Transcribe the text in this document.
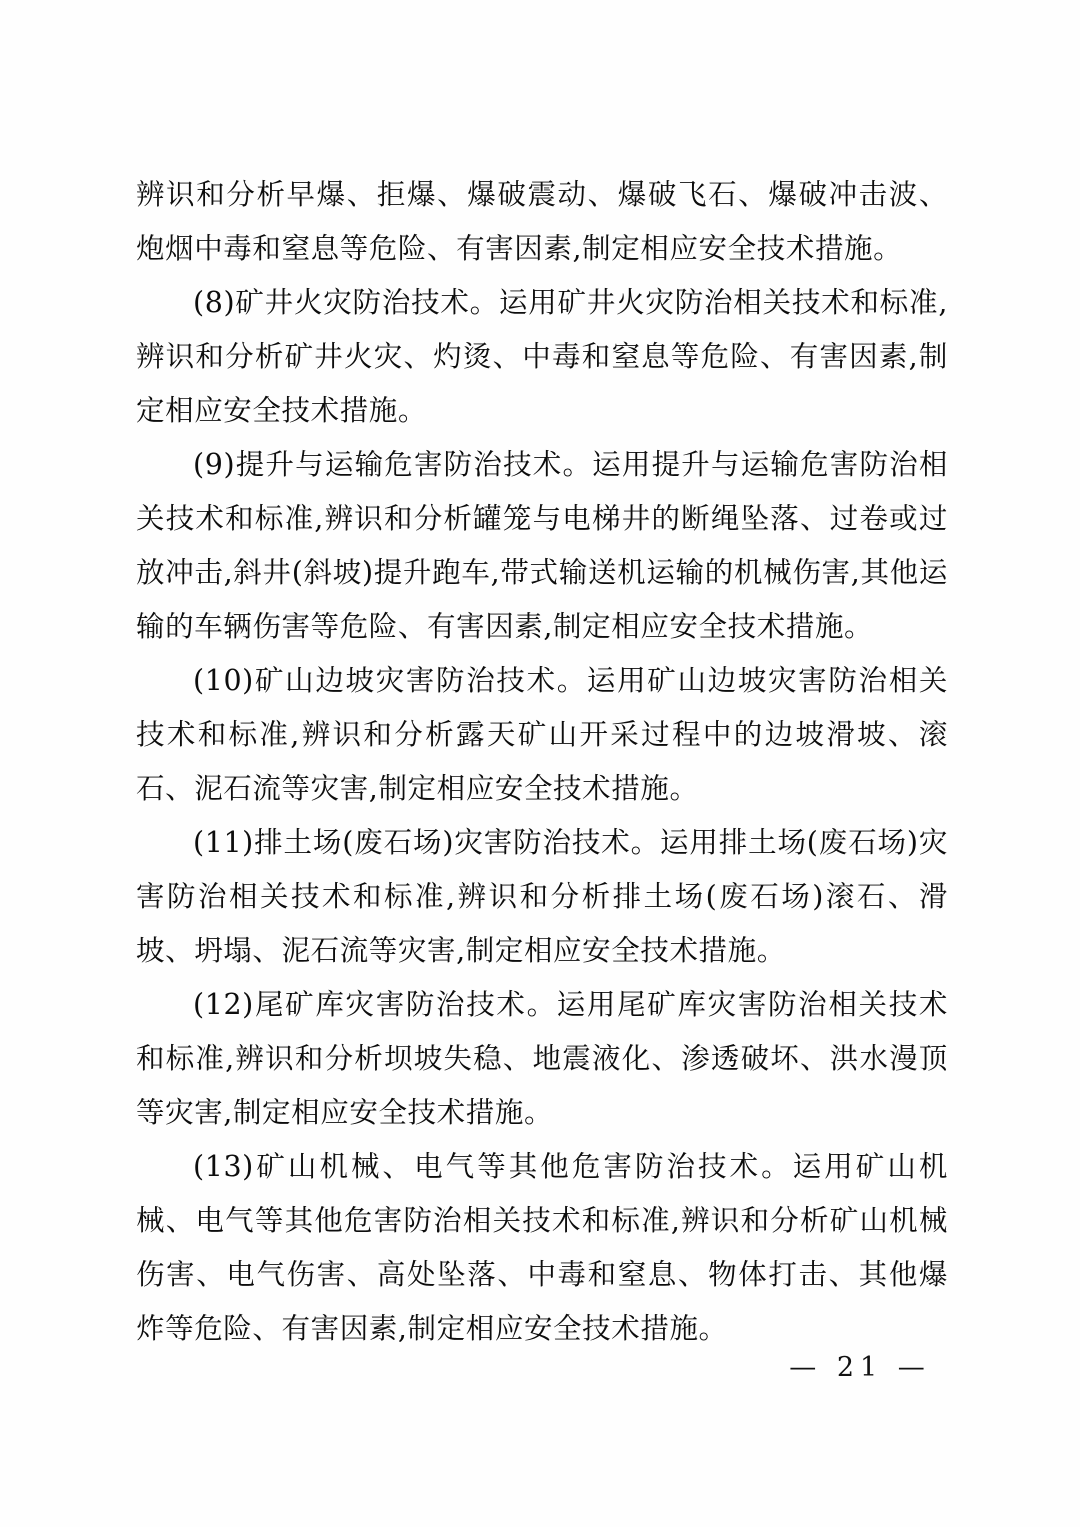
辨识和分析早爆、拒爆、爆破震动、爆破飞石、爆破冲击波、炮烟中毒和窒息等危险、有害因素,制定相应安全技术措施。

(8)矿井火灾防治技术。运用矿井火灾防治相关技术和标准,辨识和分析矿井火灾、灼烫、中毒和窒息等危险、有害因素,制定相应安全技术措施。

(9)提升与运输危害防治技术。运用提升与运输危害防治相关技术和标准,辨识和分析罐笼与电梯井的断绳坠落、过卷或过放冲击,斜井(斜坡)提升跑车,带式输送机运输的机械伤害,其他运输的车辆伤害等危险、有害因素,制定相应安全技术措施。

(10)矿山边坡灾害防治技术。运用矿山边坡灾害防治相关技术和标准,辨识和分析露天矿山开采过程中的边坡滑坡、滚石、泥石流等灾害,制定相应安全技术措施。

(11)排土场(废石场)灾害防治技术。运用排土场(废石场)灾害防治相关技术和标准,辨识和分析排土场(废石场)滚石、滑坡、坍塌、泥石流等灾害,制定相应安全技术措施。

(12)尾矿库灾害防治技术。运用尾矿库灾害防治相关技术和标准,辨识和分析坝坡失稳、地震液化、渗透破坏、洪水漫顶等灾害,制定相应安全技术措施。

(13)矿山机械、电气等其他危害防治技术。运用矿山机械、电气等其他危害防治相关技术和标准,辨识和分析矿山机械伤害、电气伤害、高处坠落、中毒和窒息、物体打击、其他爆炸等危险、有害因素,制定相应安全技术措施。

— 21 —
